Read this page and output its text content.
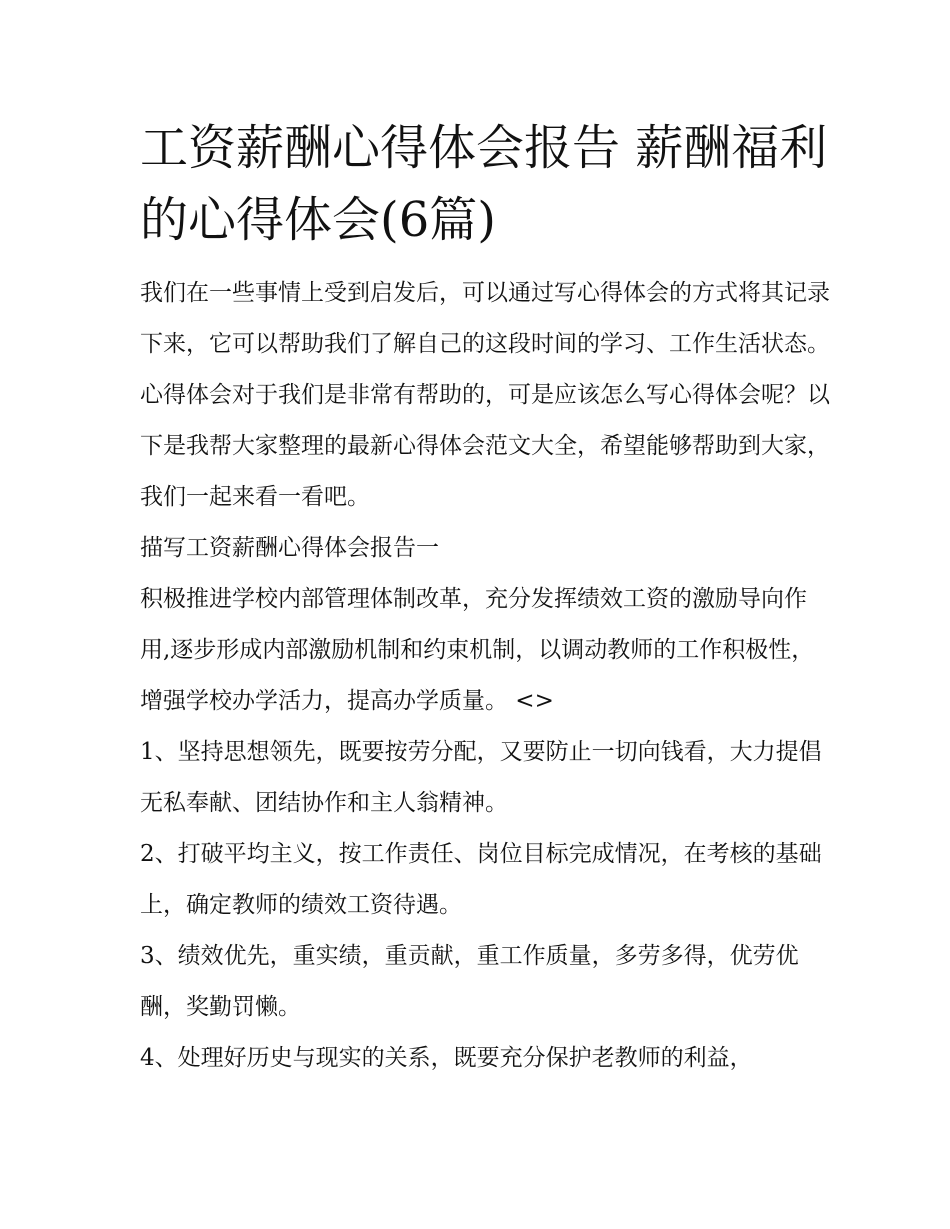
工资薪酬心得体会报告 薪酬福利的心得体会(6篇)

我们在一些事情上受到启发后，可以通过写心得体会的方式将其记录下来，它可以帮助我们了解自己的这段时间的学习、工作生活状态。心得体会对于我们是非常有帮助的，可是应该怎么写心得体会呢？以下是我帮大家整理的最新心得体会范文大全，希望能够帮助到大家，我们一起来看一看吧。

描写工资薪酬心得体会报告一

积极推进学校内部管理体制改革，充分发挥绩效工资的激励导向作用,逐步形成内部激励机制和约束机制，以调动教师的工作积极性，增强学校办学活力，提高办学质量。 <>

1、坚持思想领先，既要按劳分配，又要防止一切向钱看，大力提倡无私奉献、团结协作和主人翁精神。

2、打破平均主义，按工作责任、岗位目标完成情况，在考核的基础上，确定教师的绩效工资待遇。

3、绩效优先，重实绩，重贡献，重工作质量，多劳多得，优劳优酬，奖勤罚懒。

4、处理好历史与现实的关系，既要充分保护老教师的利益，
